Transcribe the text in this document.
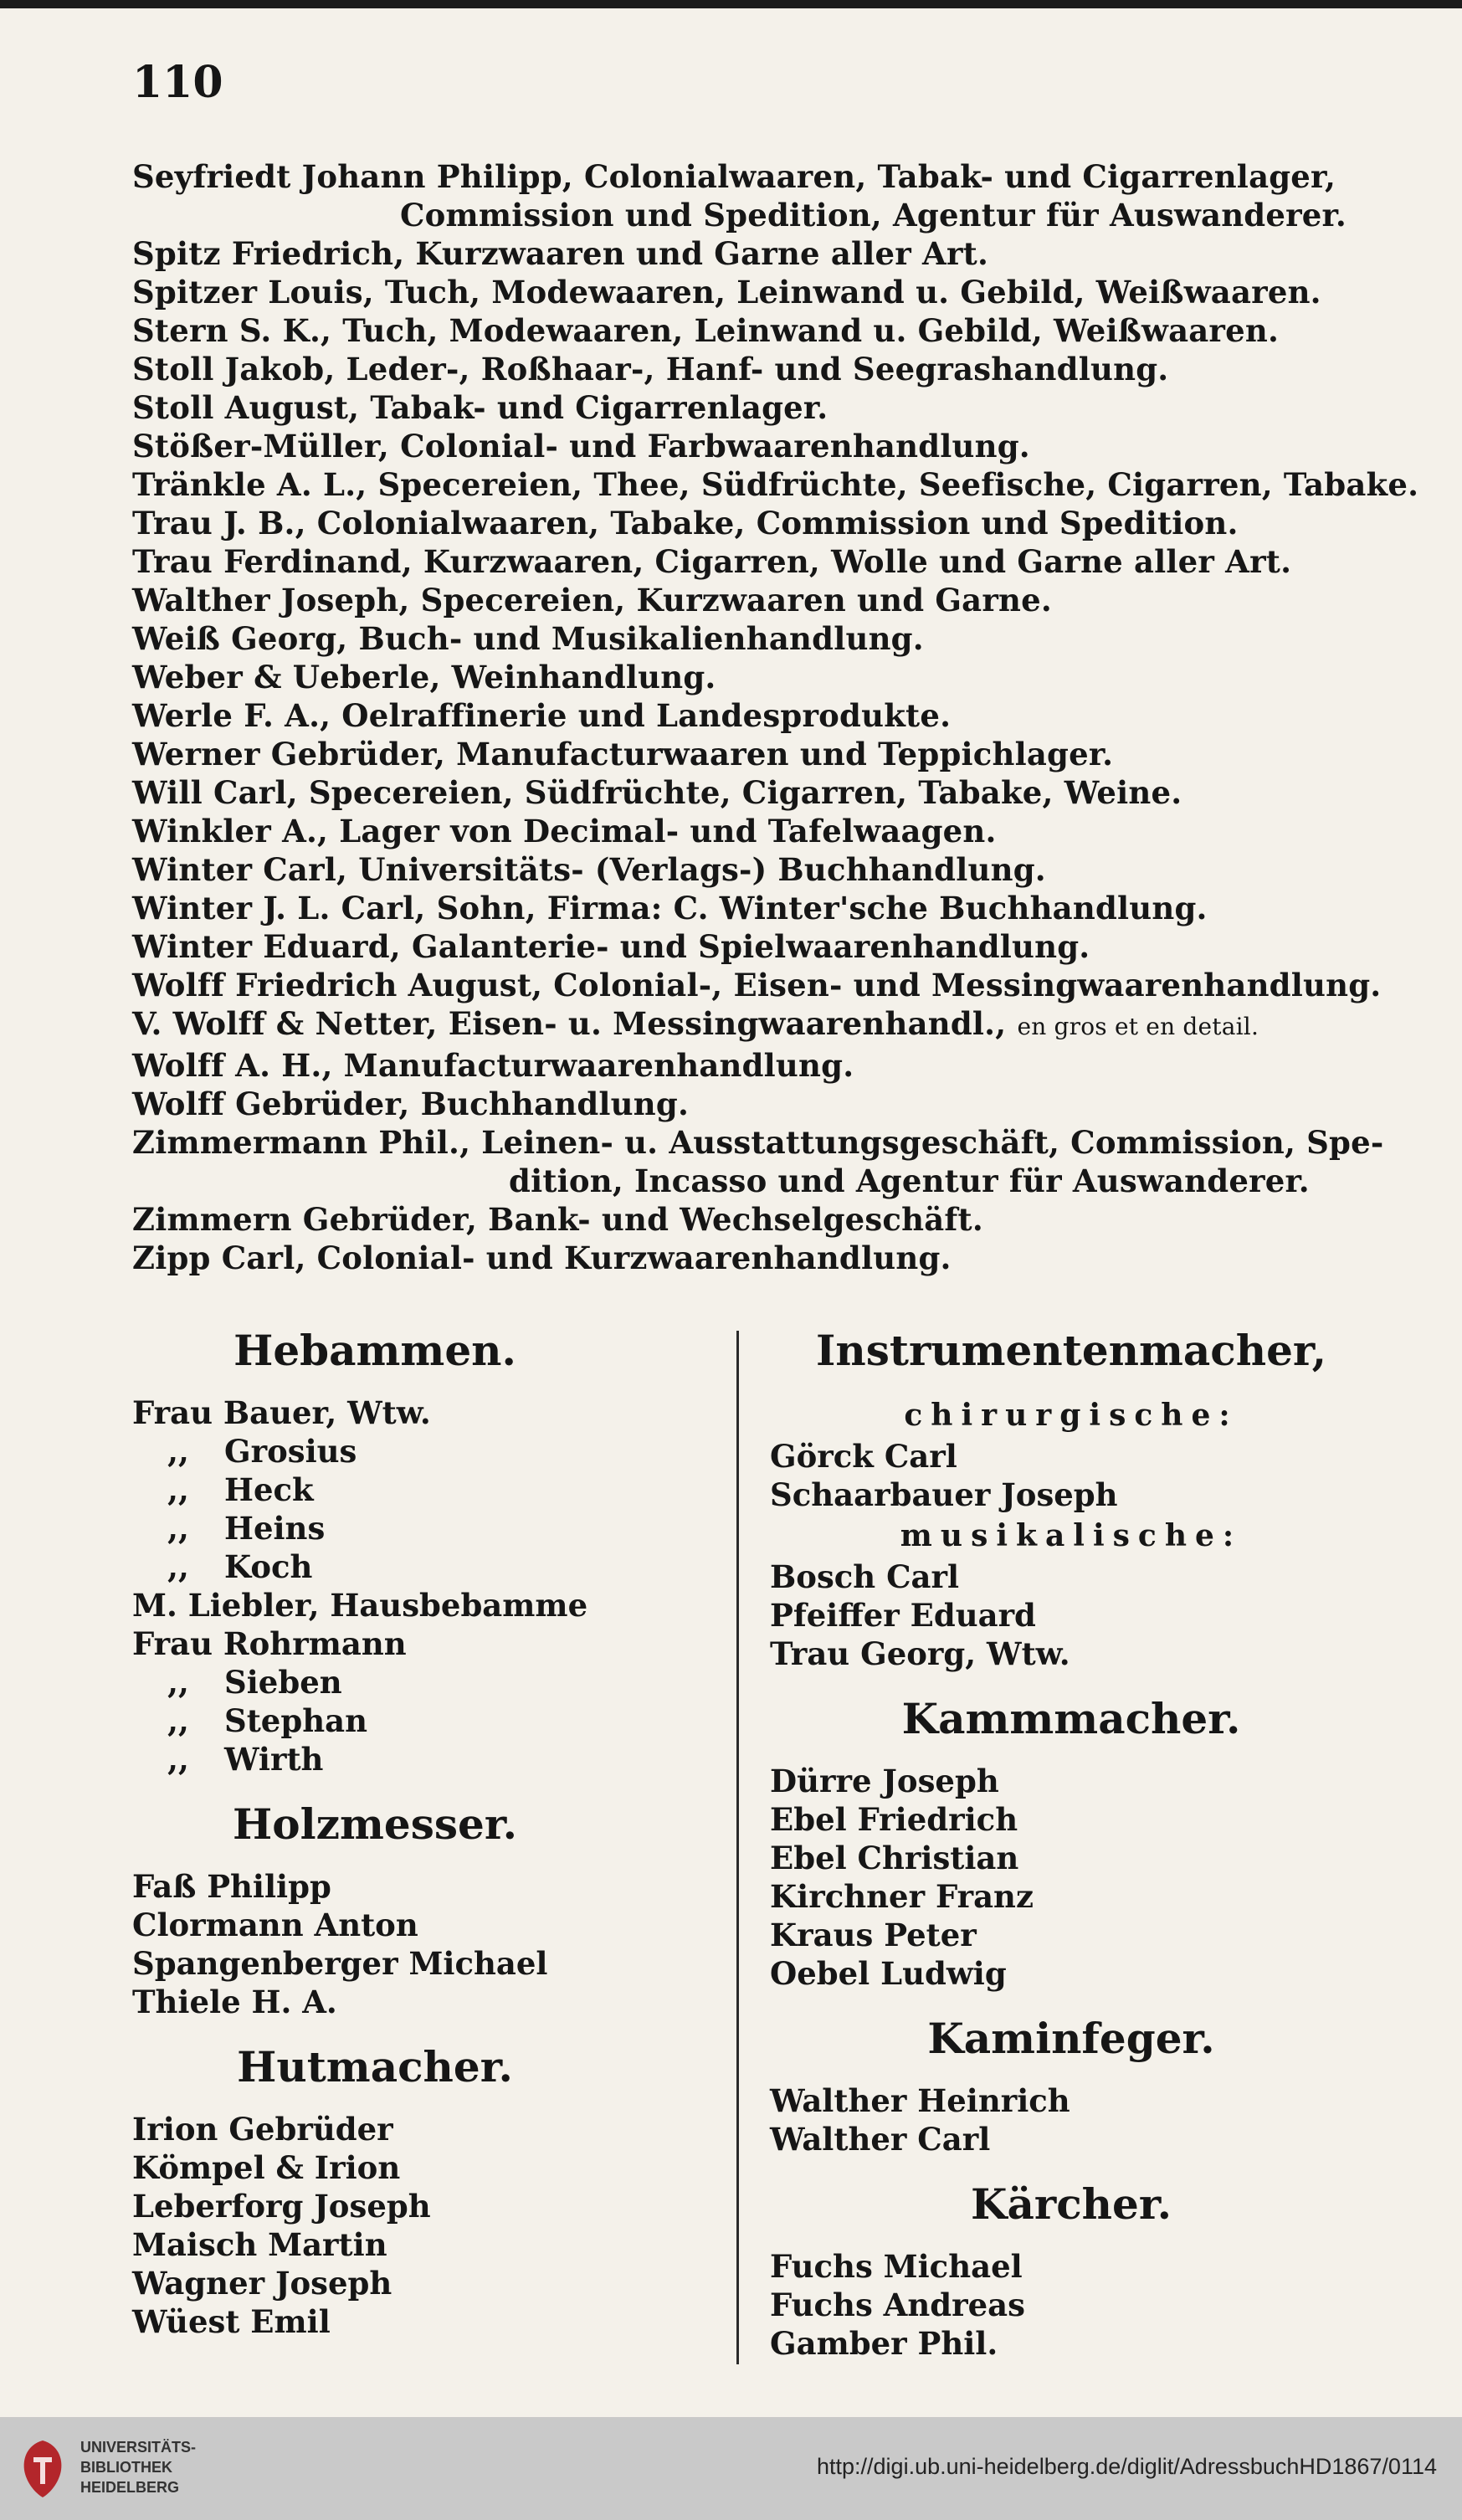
110
Seyfriedt Johann Philipp, Colonialwaaren, Tabak- und Cigarrenlager,
Commission und Spedition, Agentur für Auswanderer.
Spitz Friedrich, Kurzwaaren und Garne aller Art.
Spitzer Louis, Tuch, Modewaaren, Leinwand u. Gebild, Weißwaaren.
Stern S. K., Tuch, Modewaaren, Leinwand u. Gebild, Weißwaaren.
Stoll Jakob, Leder-, Roßhaar-, Hanf- und Seegrashandlung.
Stoll August, Tabak- und Cigarrenlager.
Stößer-Müller, Colonial- und Farbwaarenhandlung.
Tränkle A. L., Specereien, Thee, Südfrüchte, Seefische, Cigarren, Tabake.
Trau J. B., Colonialwaaren, Tabake, Commission und Spedition.
Trau Ferdinand, Kurzwaaren, Cigarren, Wolle und Garne aller Art.
Walther Joseph, Specereien, Kurzwaaren und Garne.
Weiß Georg, Buch- und Musikalienhandlung.
Weber & Ueberle, Weinhandlung.
Werle F. A., Oelraffinerie und Landesprodukte.
Werner Gebrüder, Manufacturwaaren und Teppichlager.
Will Carl, Specereien, Südfrüchte, Cigarren, Tabake, Weine.
Winkler A., Lager von Decimal- und Tafelwaagen.
Winter Carl, Universitäts- (Verlags-) Buchhandlung.
Winter J. L. Carl, Sohn, Firma: C. Winter'sche Buchhandlung.
Winter Eduard, Galanterie- und Spielwaarenhandlung.
Wolff Friedrich August, Colonial-, Eisen- und Messingwaarenhandlung.
V. Wolff & Netter, Eisen- u. Messingwaarenhandl., en gros et en detail.
Wolff A. H., Manufacturwaarenhandlung.
Wolff Gebrüder, Buchhandlung.
Zimmermann Phil., Leinen- u. Ausstattungsgeschäft, Commission, Spe-
dition, Incasso und Agentur für Auswanderer.
Zimmern Gebrüder, Bank- und Wechselgeschäft.
Zipp Carl, Colonial- und Kurzwaarenhandlung.
Hebammen.
Frau Bauer, Wtw.
,, Grosius
,, Heck
,, Heins
,, Koch
M. Liebler, Hausbebamme
Frau Rohrmann
,, Sieben
,, Stephan
,, Wirth
Holzmesser.
Faß Philipp
Clormann Anton
Spangenberger Michael
Thiele H. A.
Hutmacher.
Irion Gebrüder
Kömpel & Irion
Leberforg Joseph
Maisch Martin
Wagner Joseph
Wüest Emil
Instrumentenmacher,
chirurgische:
Görck Carl
Schaarbauer Joseph
musikalische:
Bosch Carl
Pfeiffer Eduard
Trau Georg, Wtw.
Kammmacher.
Dürre Joseph
Ebel Friedrich
Ebel Christian
Kirchner Franz
Kraus Peter
Oebel Ludwig
Kaminfeger.
Walther Heinrich
Walther Carl
Kärcher.
Fuchs Michael
Fuchs Andreas
Gamber Phil.
UNIVERSITÄTS-
BIBLIOTHEK
HEIDELBERG
http://digi.ub.uni-heidelberg.de/diglit/AdressbuchHD1867/0114
